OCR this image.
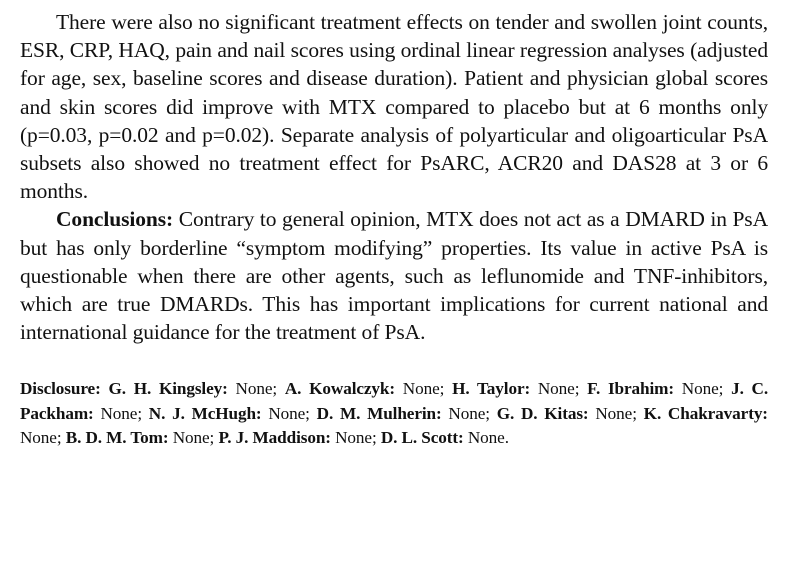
There were also no significant treatment effects on tender and swollen joint counts, ESR, CRP, HAQ, pain and nail scores using ordinal linear regression analyses (adjusted for age, sex, baseline scores and disease duration). Patient and physician global scores and skin scores did improve with MTX compared to placebo but at 6 months only (p=0.03, p=0.02 and p=0.02). Separate analysis of polyarticular and oligoarticular PsA subsets also showed no treatment effect for PsARC, ACR20 and DAS28 at 3 or 6 months.

Conclusions: Contrary to general opinion, MTX does not act as a DMARD in PsA but has only borderline “symptom modifying” properties. Its value in active PsA is questionable when there are other agents, such as leflunomide and TNF-inhibitors, which are true DMARDs. This has important implications for current national and international guidance for the treatment of PsA.

Disclosure: G. H. Kingsley: None; A. Kowalczyk: None; H. Taylor: None; F. Ibrahim: None; J. C. Packham: None; N. J. McHugh: None; D. M. Mulherin: None; G. D. Kitas: None; K. Chakravarty: None; B. D. M. Tom: None; P. J. Maddison: None; D. L. Scott: None.
